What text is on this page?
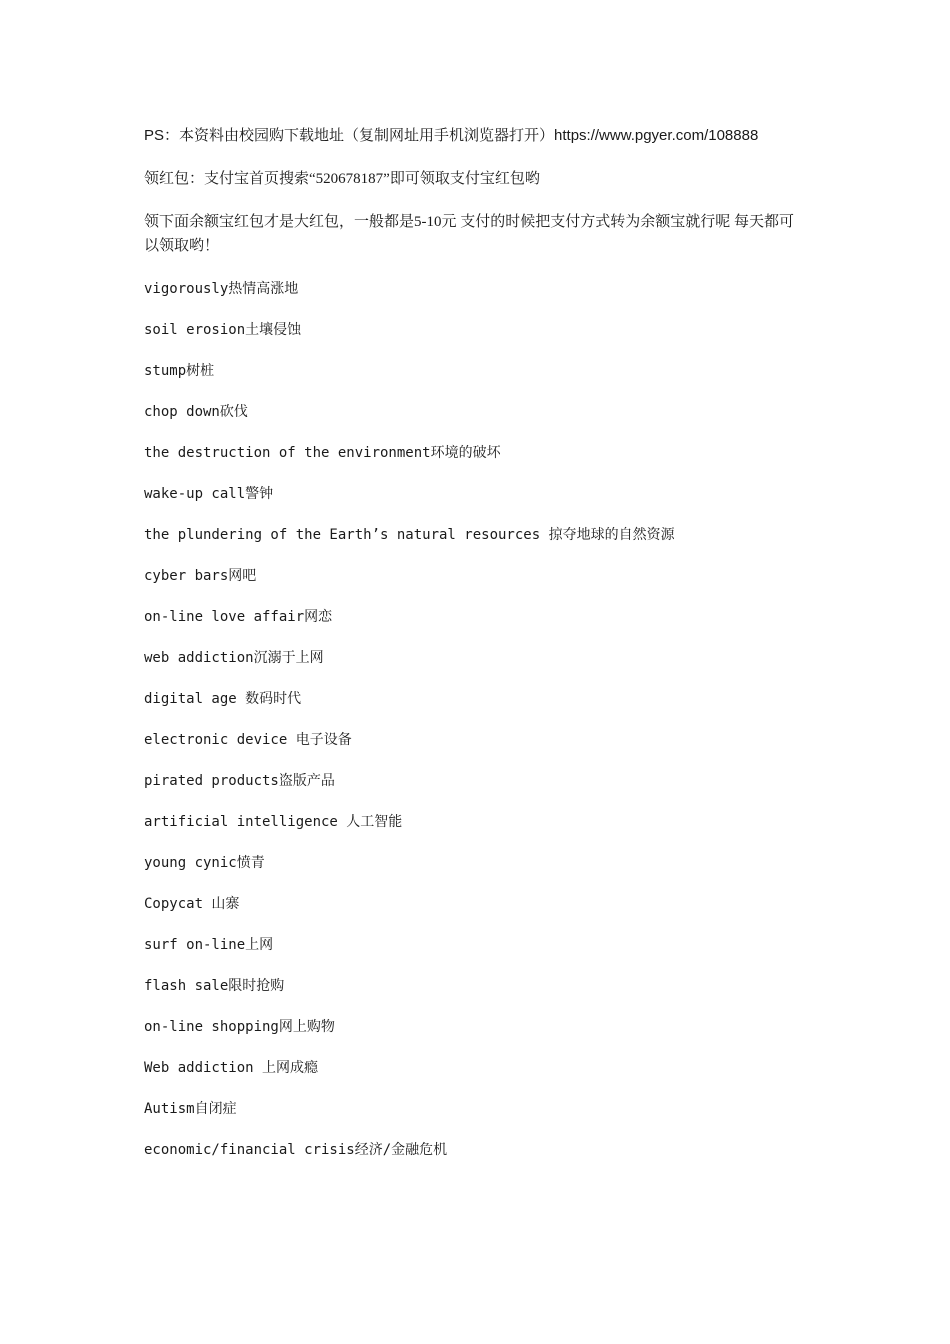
PS：本资料由校园购下载地址（复制网址用手机浏览器打开）https://www.pgyer.com/108888

领红包：支付宝首页搜索“520678187”即可领取支付宝红包哟

领下面余额宝红包才是大红包，一般都是5-10元 支付的时候把支付方式转为余额宝就行呢 每天都可以领取哟！

vigorously热情高涨地

soil erosion土壤侵蚀

stump树桩

chop down砍伐

the destruction of the environment环境的破坏

wake-up call警钟

the plundering of the Earth’s natural resources 掠夺地球的自然资源

cyber bars网吧

on-line love affair网恋

web addiction沉溺于上网

digital age 数码时代

electronic device 电子设备

pirated products盗版产品

artificial intelligence 人工智能

young cynic愤青

Copycat 山寨

surf on-line上网

flash sale限时抢购

on-line shopping网上购物

Web addiction 上网成瘾

Autism自闭症

economic/financial crisis经济/金融危机
